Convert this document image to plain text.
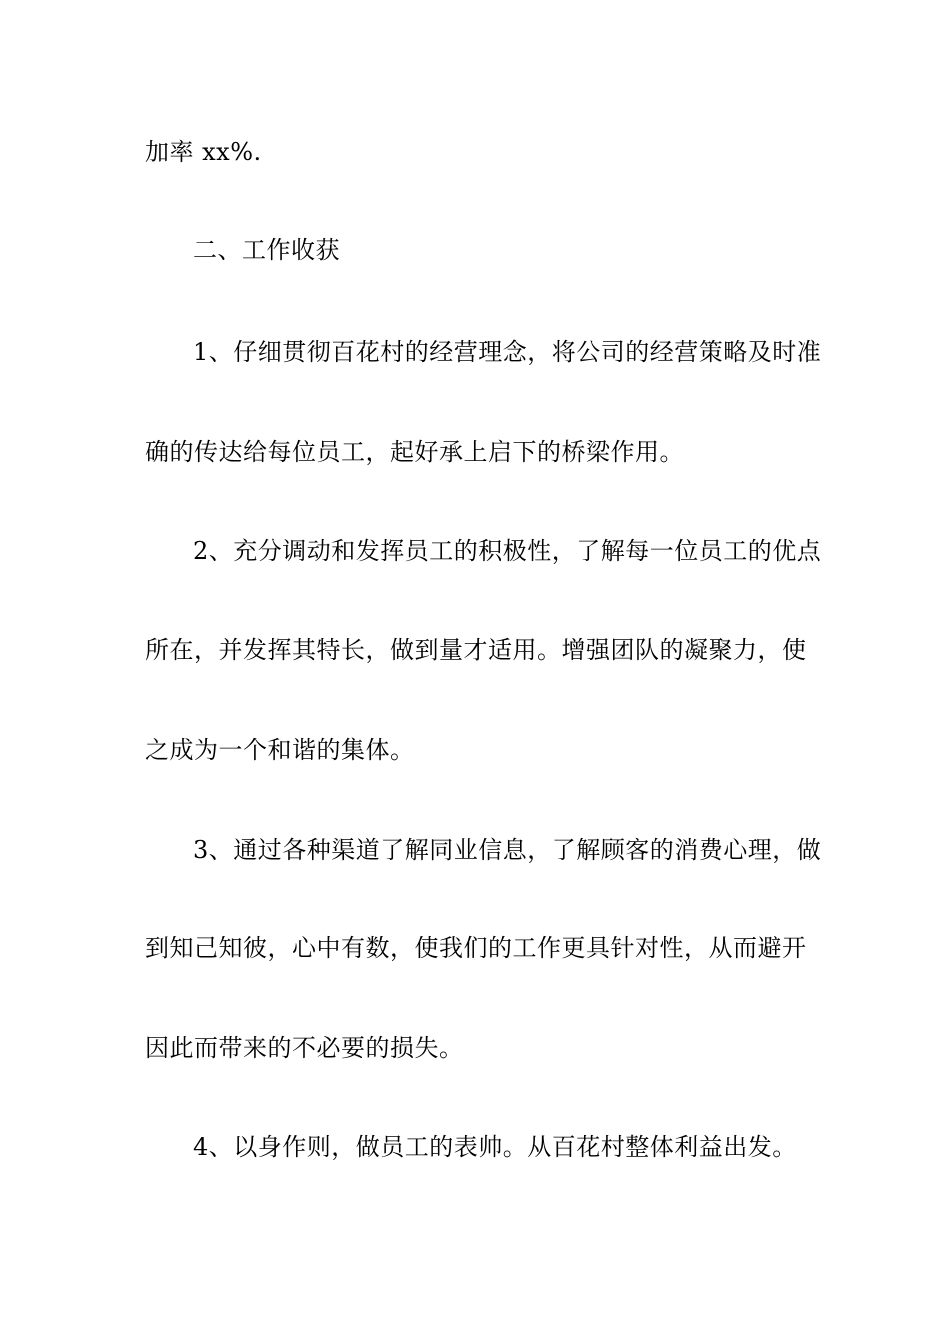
加率 xx%.
二、工作收获
1、仔细贯彻百花村的经营理念，将公司的经营策略及时准
确的传达给每位员工，起好承上启下的桥梁作用。
2、充分调动和发挥员工的积极性，了解每一位员工的优点
所在，并发挥其特长，做到量才适用。增强团队的凝聚力，使
之成为一个和谐的集体。
3、通过各种渠道了解同业信息，了解顾客的消费心理，做
到知己知彼，心中有数，使我们的工作更具针对性，从而避开
因此而带来的不必要的损失。
4、以身作则，做员工的表帅。从百花村整体利益出发。
